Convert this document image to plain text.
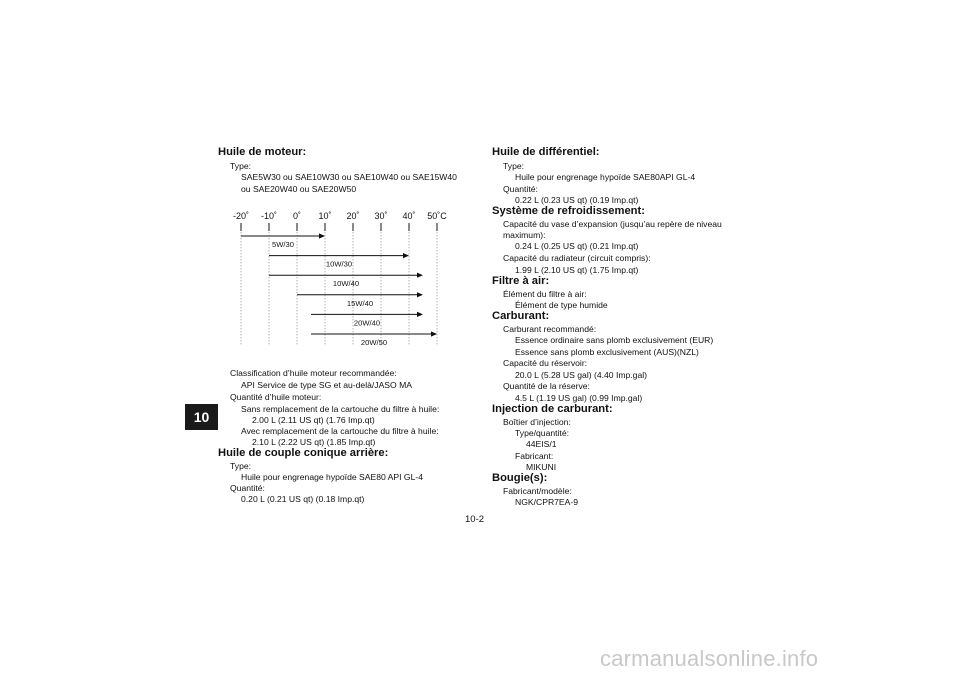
10
10-2
Huile de moteur:
Type:
SAE5W30 ou SAE10W30 ou SAE10W40 ou SAE15W40
ou SAE20W40 ou SAE20W50
-20˚ -10˚ 0˚ 10˚ 20˚ 30˚ 40˚ 50˚C
5W/30
10W/30
10W/40
15W/40
20W/40
20W/50
Classification d’huile moteur recommandée:
API Service de type SG et au-delà/JASO MA
Quantité d’huile moteur:
Sans remplacement de la cartouche du filtre à huile:
2.00 L (2.11 US qt) (1.76 Imp.qt)
Avec remplacement de la cartouche du filtre à huile:
2.10 L (2.22 US qt) (1.85 Imp.qt)
Huile de couple conique arrière:
Type:
Huile pour engrenage hypoïde SAE80 API GL-4
Quantité:
0.20 L (0.21 US qt) (0.18 Imp.qt)
Huile de différentiel:
Type:
Huile pour engrenage hypoïde SAE80API GL-4
Quantité:
0.22 L (0.23 US qt) (0.19 Imp.qt)
Système de refroidissement:
Capacité du vase d’expansion (jusqu’au repère de niveau
maximum):
0.24 L (0.25 US qt) (0.21 Imp.qt)
Capacité du radiateur (circuit compris):
1.99 L (2.10 US qt) (1.75 Imp.qt)
Filtre à air:
Élément du filtre à air:
Élément de type humide
Carburant:
Carburant recommandé:
Essence ordinaire sans plomb exclusivement (EUR)
Essence sans plomb exclusivement (AUS)(NZL)
Capacité du réservoir:
20.0 L (5.28 US gal) (4.40 Imp.gal)
Quantité de la réserve:
4.5 L (1.19 US gal) (0.99 Imp.gal)
Injection de carburant:
Boîtier d’injection:
Type/quantité:
44EIS/1
Fabricant:
MIKUNI
Bougie(s):
Fabricant/modèle:
NGK/CPR7EA-9
carmanualsonline.info
